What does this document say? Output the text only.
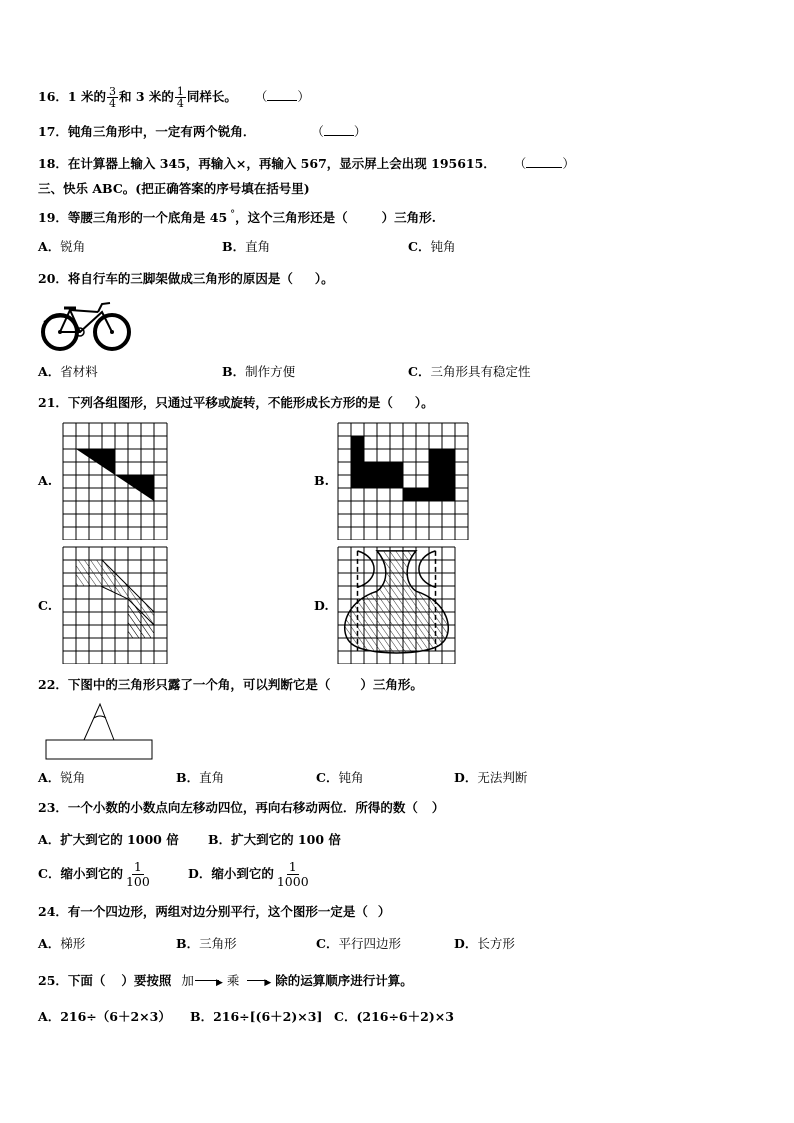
16．1 米的 $\frac{3}{4}$ 和 3 米的 $\frac{1}{4}$ 同样长。 （ ）
17．钝角三角形中，一定有两个锐角．	（ ）
18．在计算器上输入 345，再输入×，再输入 567，显示屏上会出现 195615． （	）
三、快乐 ABC。(把正确答案的序号填在括号里)
19．等腰三角形的一个底角是 45 °，这个三角形还是（	）三角形.
A．锐角	B．直角	C．钝角
20．将自行车的三脚架做成三角形的原因是（ ）。
A．省材料	B．制作方便	C．三角形具有稳定性
21．下列各组图形，只通过平移或旋转，不能形成长方形的是（ ）。
A.	B.
C.	D.
22．下图中的三角形只露了一个角，可以判断它是（ ）三角形。
A．锐角	B．直角	C．钝角	D．无法判断
23．一个小数的小数点向左移动四位，再向右移动两位．所得的数（ ）
A．扩大到它的 1000 倍 B．扩大到它的 100 倍
C．缩小到它的 $\frac{1}{100}$	D．缩小到它的 $\frac{1}{1000}$
24．有一个四边形，两组对边分别平行，这个图形一定是（ ）
A．梯形	B．三角形	C．平行四边形	D．长方形
25．下面（ ）要按照 加 ▶ 乘	▶ 除的运算顺序进行计算。
A．216÷（6＋2×3） B．216÷[(6＋2)×3] C．(216÷6＋2)×3
